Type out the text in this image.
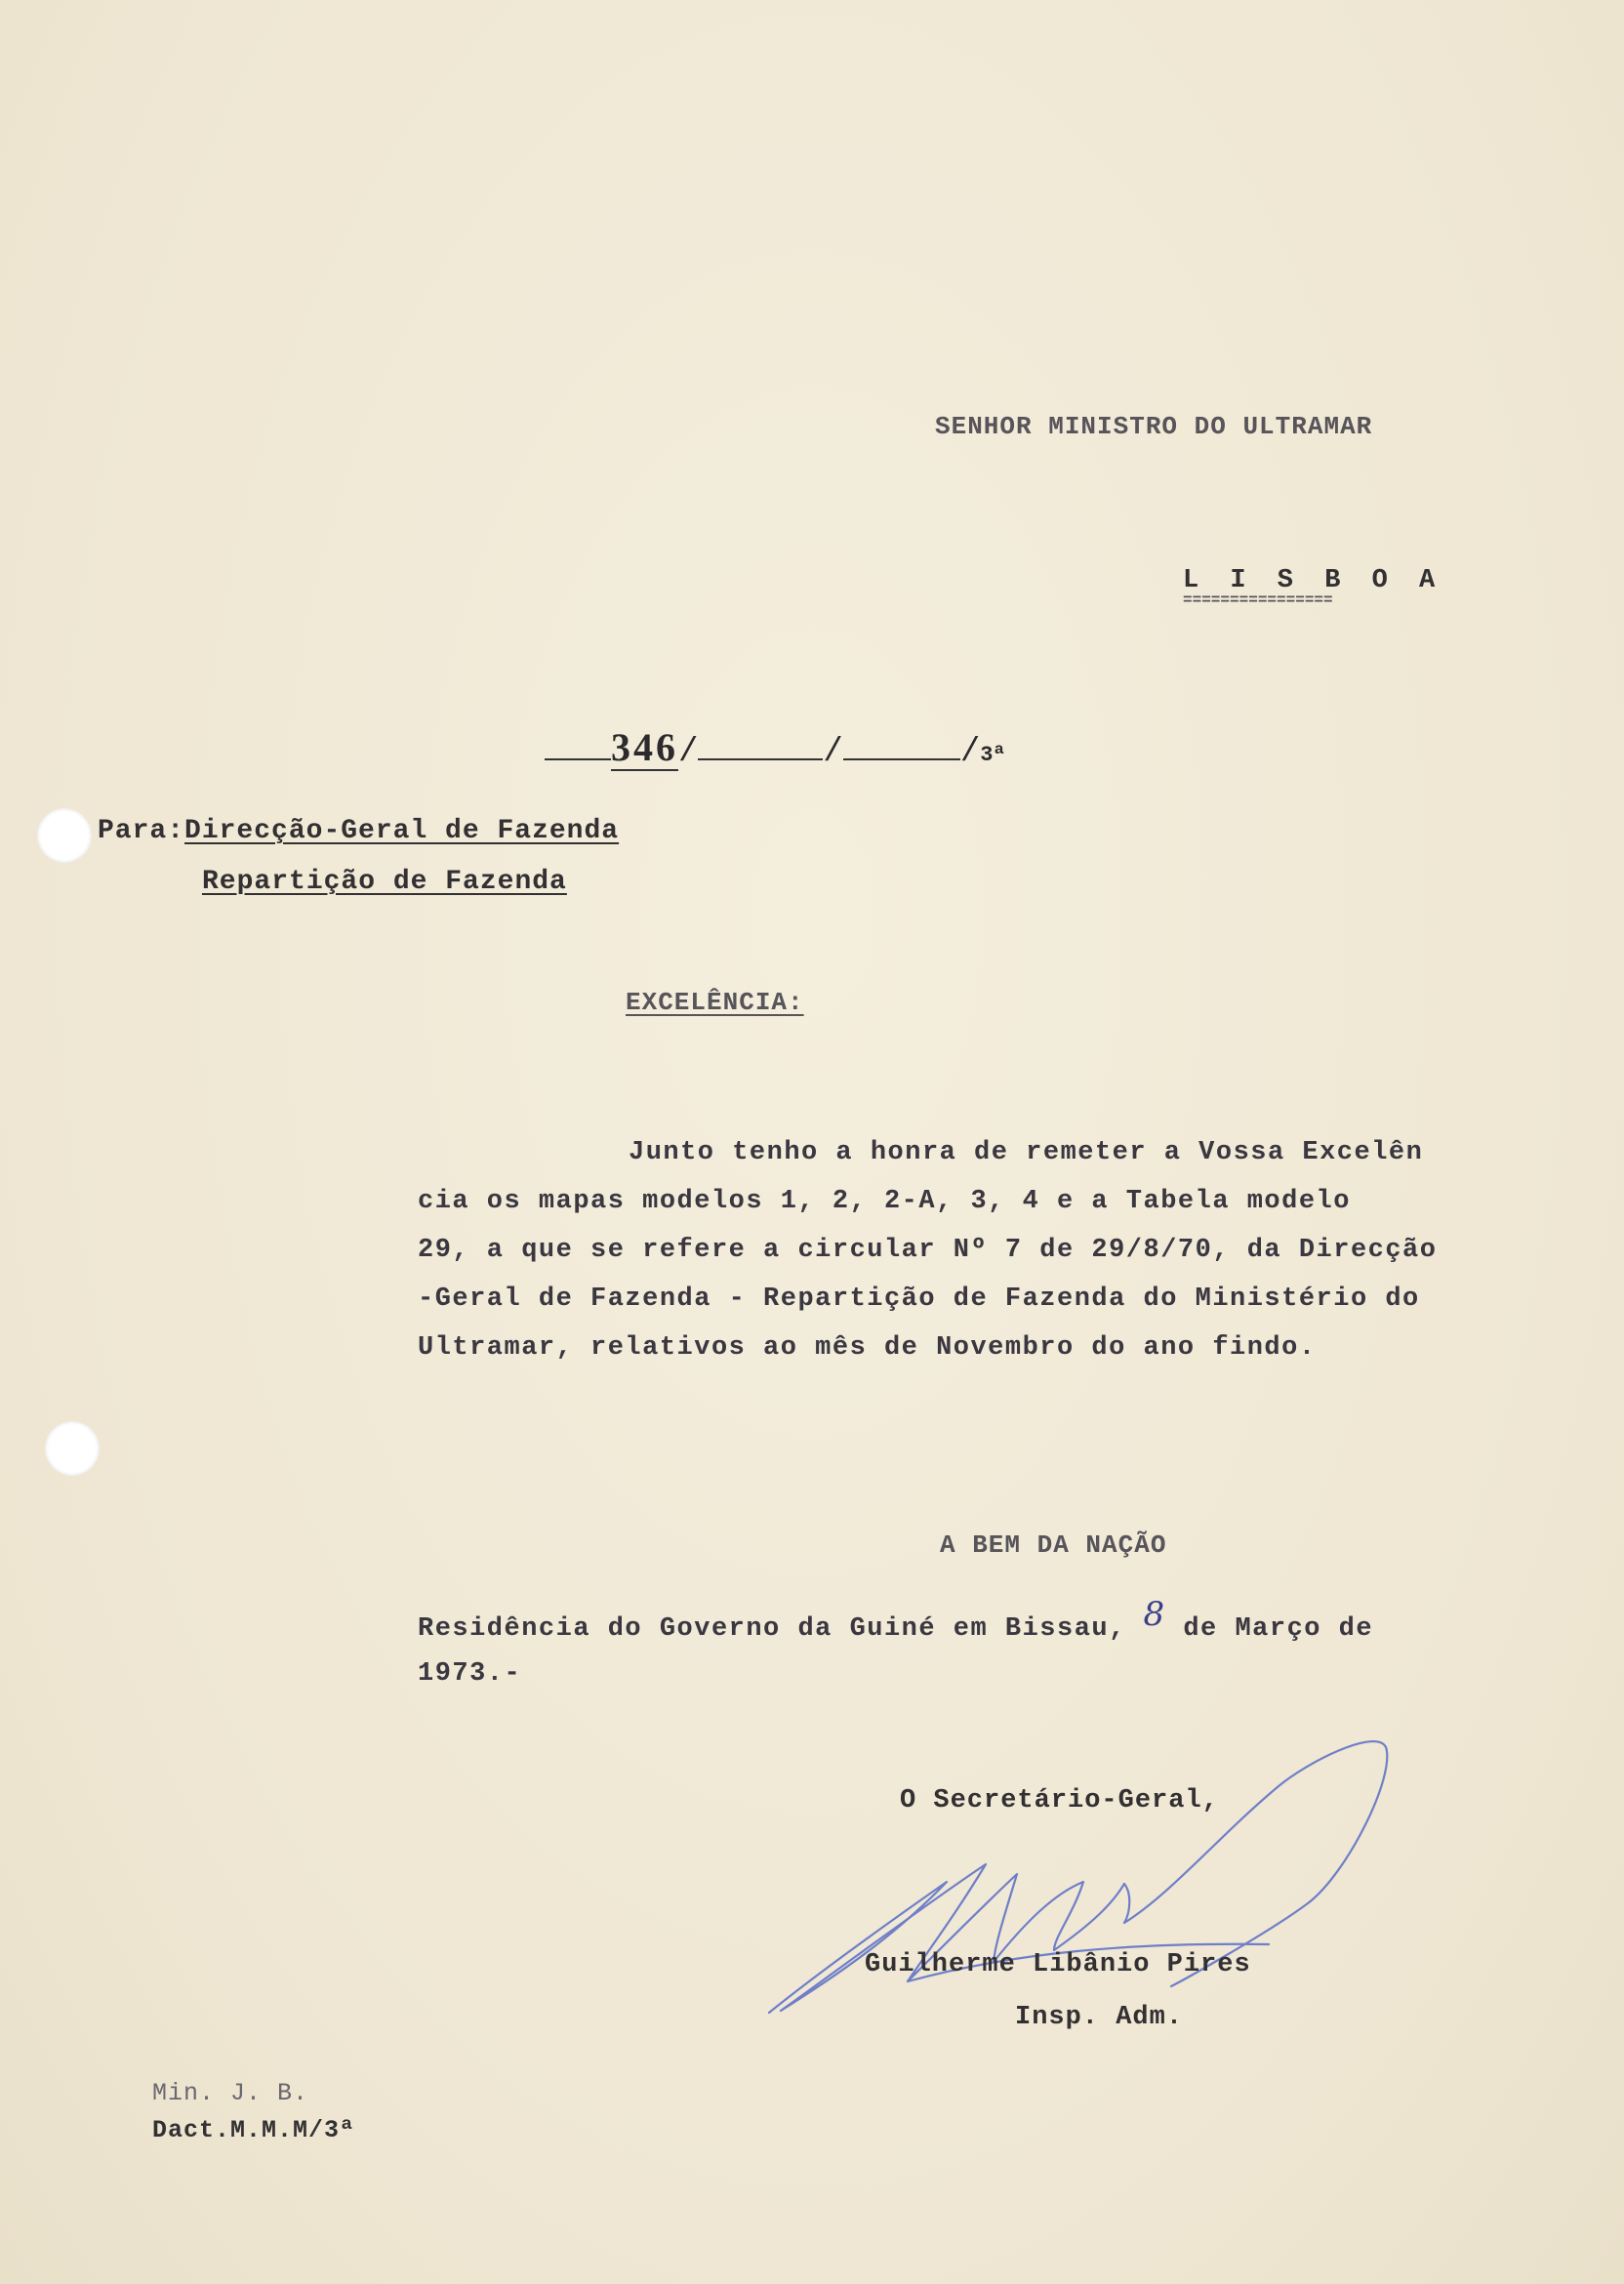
SENHOR MINISTRO DO ULTRAMAR
L I S B O A
================
346/	/	/3ª
Para:Direcção-Geral de Fazenda
Repartição de Fazenda
EXCELÊNCIA:
Junto tenho a honra de remeter a Vossa Excelên
cia os mapas modelos 1, 2, 2-A, 3, 4 e a Tabela modelo
29, a que se refere a circular Nº 7 de 29/8/70, da Direcção
-Geral de Fazenda - Repartição de Fazenda do Ministério do
Ultramar, relativos ao mês de Novembro do ano findo.
A BEM DA NAÇÃO
Residência do Governo da Guiné em Bissau, 8 de Março de
1973.-
O Secretário-Geral,
Guilherme Libânio Pires
Insp. Adm.
Min. J. B.
Dact.M.M.M/3ª
